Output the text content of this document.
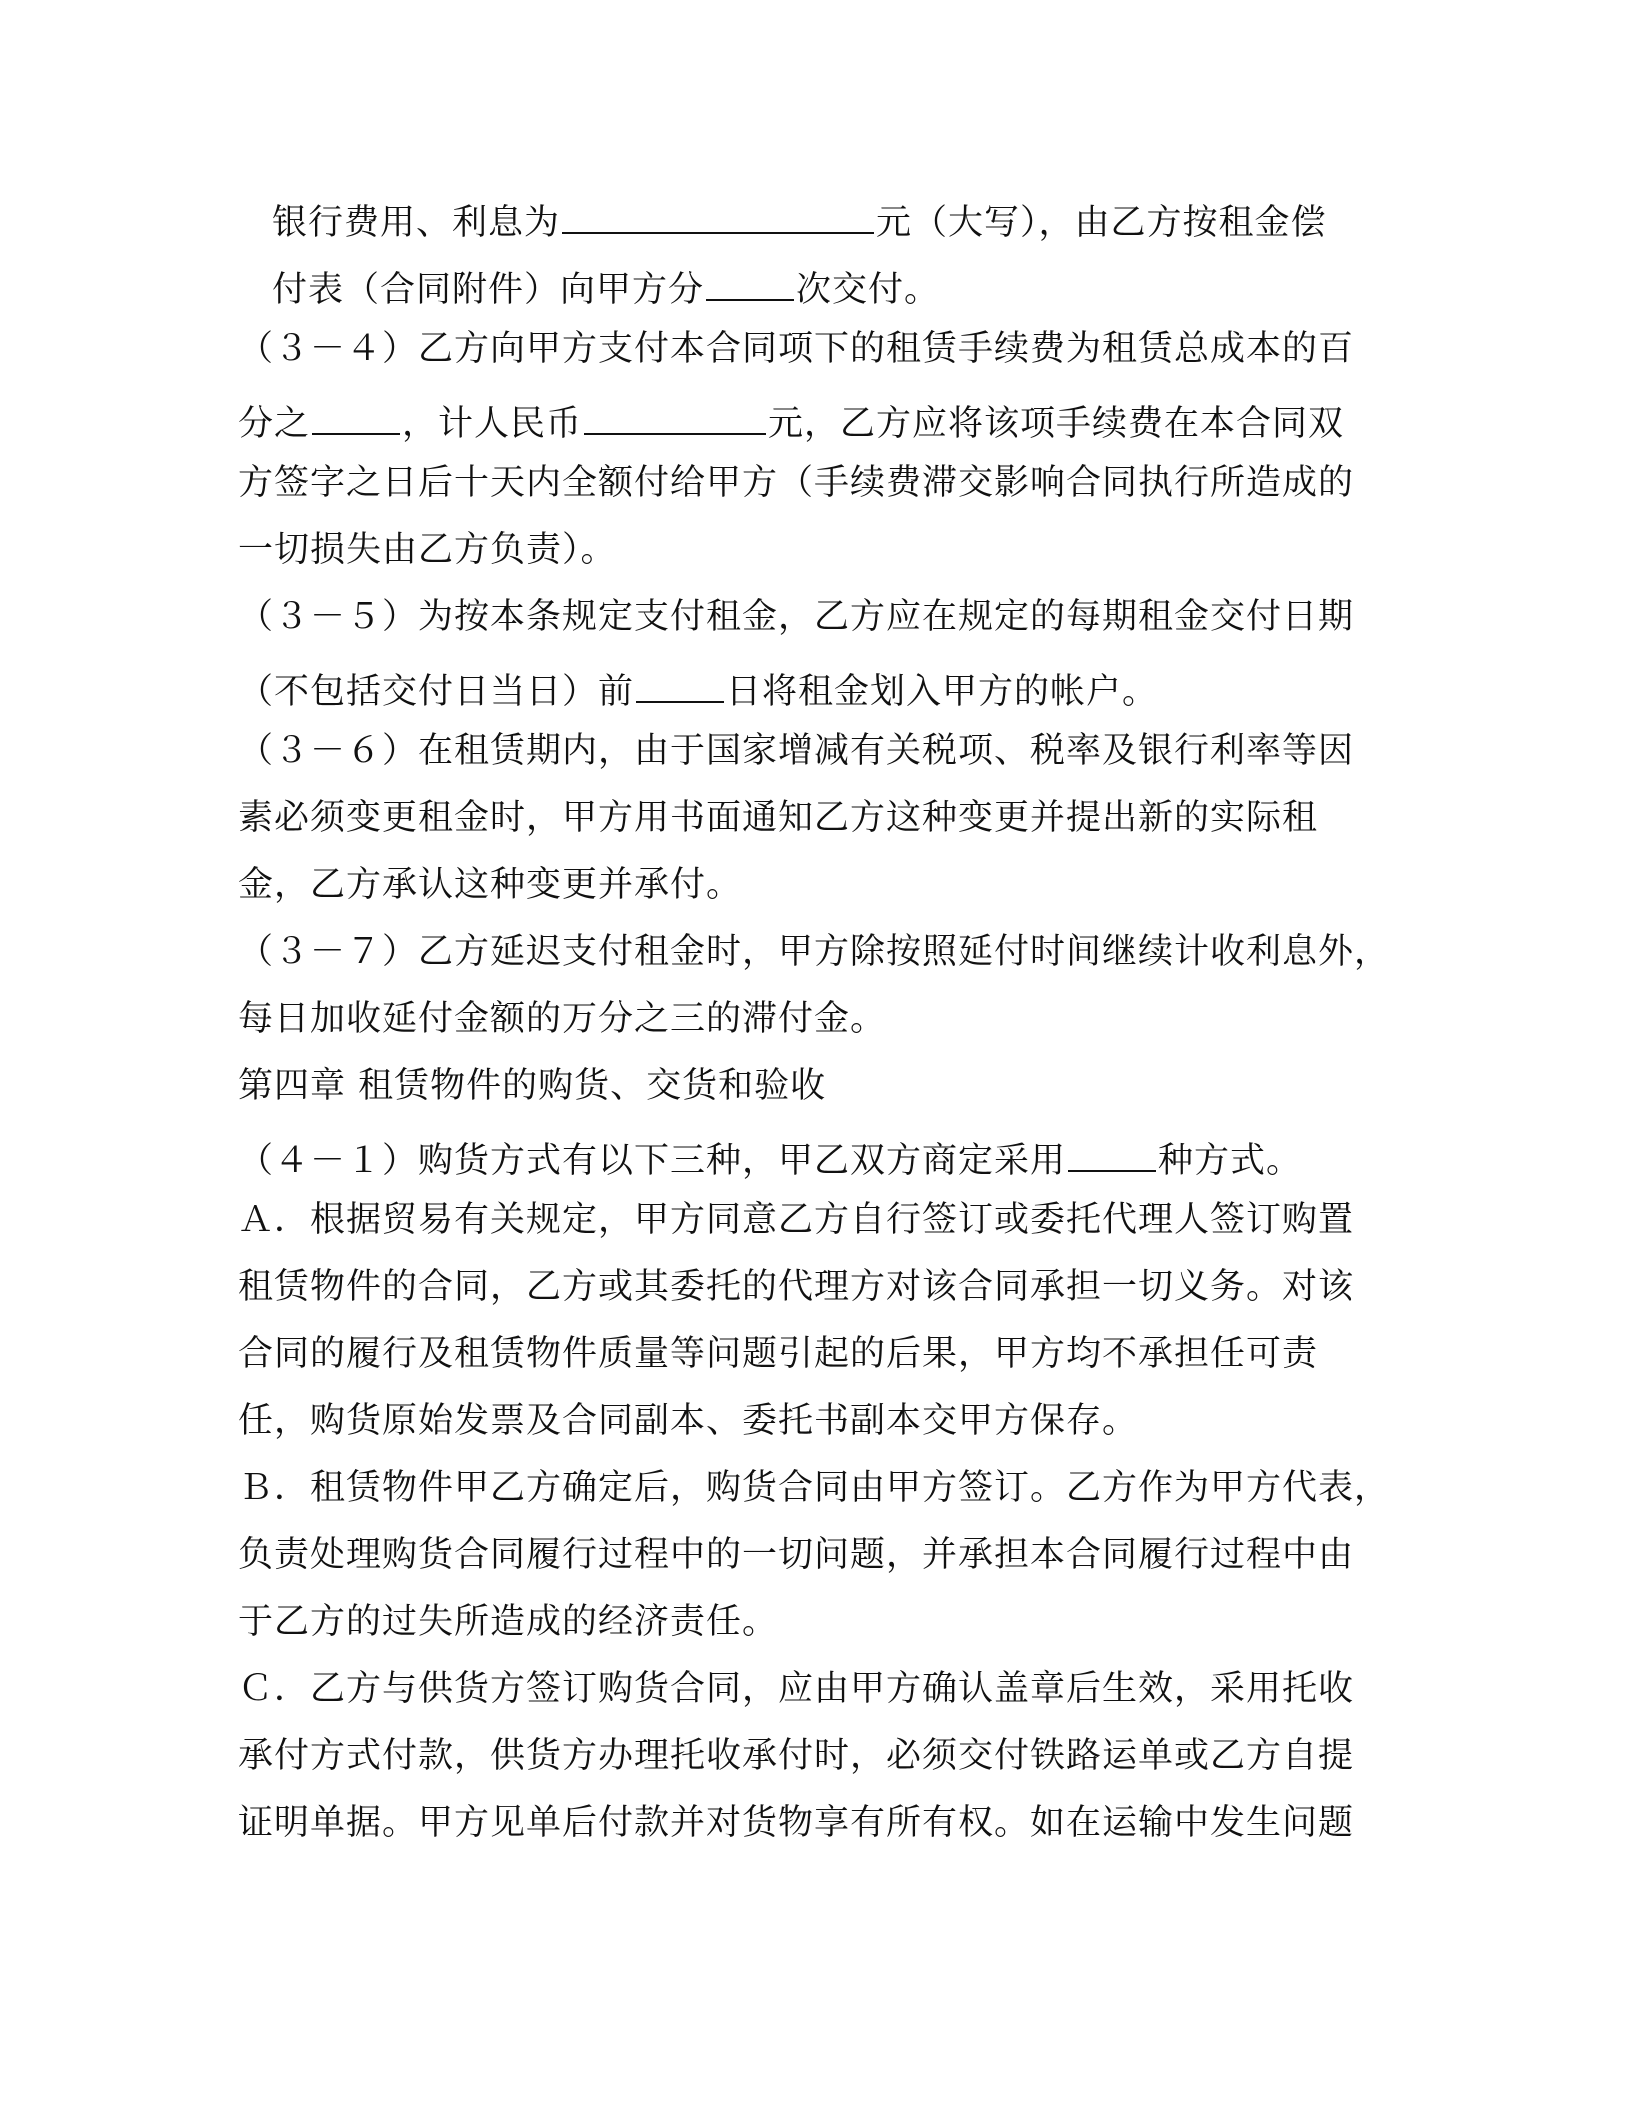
银行费用、利息为	元（大写），由乙方按租金偿
付表（合同附件）向甲方分	次交付。
（３－４）乙方向甲方支付本合同项下的租赁手续费为租赁总成本的百
分之	，计人民币	元，乙方应将该项手续费在本合同双
方签字之日后十天内全额付给甲方（手续费滞交影响合同执行所造成的
一切损失由乙方负责）。
（３－５）为按本条规定支付租金，乙方应在规定的每期租金交付日期
（不包括交付日当日）前	日将租金划入甲方的帐户。
（３－６）在租赁期内，由于国家增减有关税项、税率及银行利率等因
素必须变更租金时，甲方用书面通知乙方这种变更并提出新的实际租
金，乙方承认这种变更并承付。
（３－７）乙方延迟支付租金时，甲方除按照延付时间继续计收利息外，
每日加收延付金额的万分之三的滞付金。
第四章 租赁物件的购货、交货和验收
（４－１）购货方式有以下三种，甲乙双方商定采用	种方式。
Ａ．根据贸易有关规定，甲方同意乙方自行签订或委托代理人签订购置
租赁物件的合同，乙方或其委托的代理方对该合同承担一切义务。对该
合同的履行及租赁物件质量等问题引起的后果，甲方均不承担任可责
任，购货原始发票及合同副本、委托书副本交甲方保存。
Ｂ．租赁物件甲乙方确定后，购货合同由甲方签订。乙方作为甲方代表，
负责处理购货合同履行过程中的一切问题，并承担本合同履行过程中由
于乙方的过失所造成的经济责任。
Ｃ．乙方与供货方签订购货合同，应由甲方确认盖章后生效，采用托收
承付方式付款，供货方办理托收承付时，必须交付铁路运单或乙方自提
证明单据。甲方见单后付款并对货物享有所有权。如在运输中发生问题
